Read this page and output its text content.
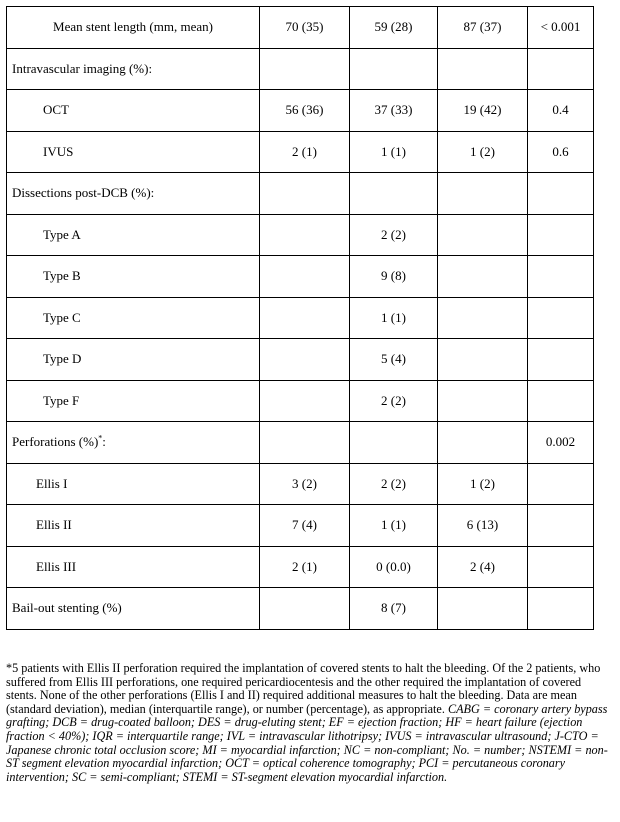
Mean stent length (mm, mean)	70 (35)	59 (28)	87 (37)	< 0.001
Intravascular imaging (%):				
OCT	56 (36)	37 (33)	19 (42)	0.4
IVUS	2 (1)	1 (1)	1 (2)	0.6
Dissections post-DCB (%):				
Type A		2 (2)		
Type B		9 (8)		
Type C		1 (1)		
Type D		5 (4)		
Type F		2 (2)		
Perforations (%)*:				0.002
Ellis I	3 (2)	2 (2)	1 (2)	
Ellis II	7 (4)	1 (1)	6 (13)	
Ellis III	2 (1)	0 (0.0)	2 (4)	
Bail-out stenting (%)		8 (7)		
*5 patients with Ellis II perforation required the implantation of covered stents to halt the bleeding. Of the 2 patients, who suffered from Ellis III perforations, one required pericardiocentesis and the other required the implantation of covered stents. None of the other perforations (Ellis I and II) required additional measures to halt the bleeding. Data are mean (standard deviation), median (interquartile range), or number (percentage), as appropriate. CABG = coronary artery bypass grafting; DCB = drug-coated balloon; DES = drug-eluting stent; EF = ejection fraction; HF = heart failure (ejection fraction < 40%); IQR = interquartile range; IVL = intravascular lithotripsy; IVUS = intravascular ultrasound; J-CTO = Japanese chronic total occlusion score; MI = myocardial infarction; NC = non-compliant; No. = number; NSTEMI = non-ST segment elevation myocardial infarction; OCT = optical coherence tomography; PCI = percutaneous coronary intervention; SC = semi-compliant; STEMI = ST-segment elevation myocardial infarction.
